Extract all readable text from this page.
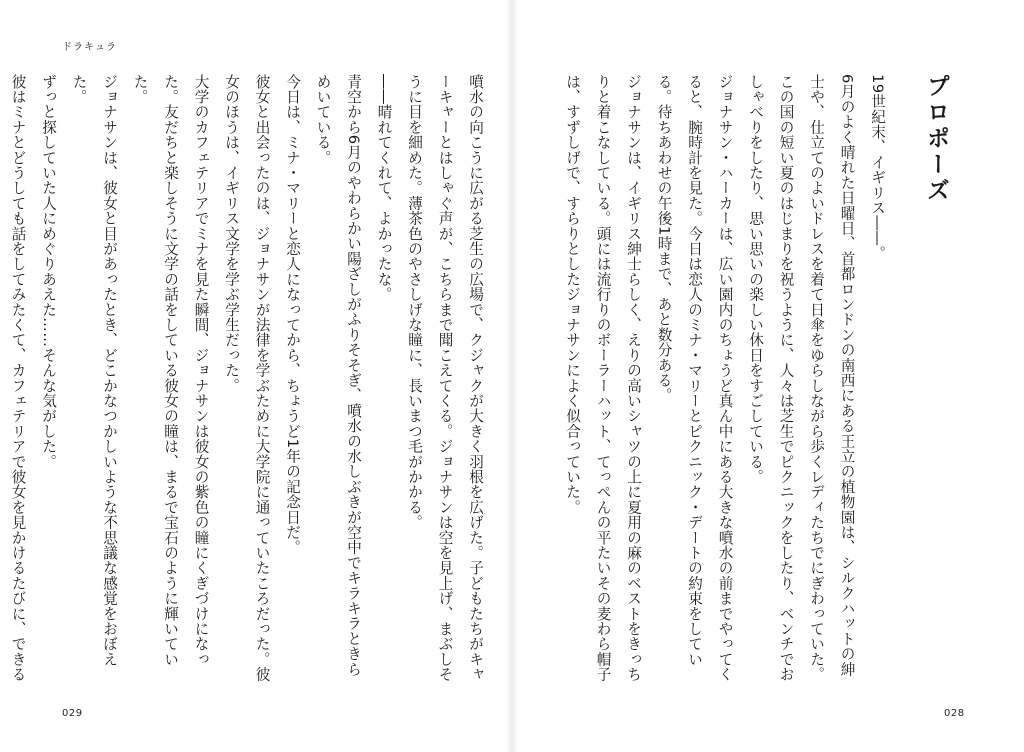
ドラキュラ
プロポーズ

19世紀末、イギリス――。

6月のよく晴れた日曜日、首都ロンドンの南西にある王立の植物園は、シルクハットの紳士や、仕立てのよいドレスを着て日傘をゆらしながら歩くレディたちでにぎわっていた。この国の短い夏のはじまりを祝うように、人々は芝生でピクニックをしたり、ベンチでおしゃべりをしたり、思い思いの楽しい休日をすごしている。

ジョナサン・ハーカーは、広い園内のちょうど真ん中にある大きな噴水の前までやってくると、腕時計を見た。今日は恋人のミナ・マリーとピクニック・デートの約束をしている。待ちあわせの午後1時まで、あと数分ある。

ジョナサンは、イギリス紳士らしく、えりの高いシャツの上に夏用の麻のベストをきっちりと着こなしている。頭には流行りのボーラーハット、てっぺんの平たいその麦わら帽子は、すずしげで、すらりとしたジョナサンによく似合っていた。

噴水の向こうに広がる芝生の広場で、クジャクが大きく羽根を広げた。子どもたちがキャーキャーとはしゃぐ声が、こちらまで聞こえてくる。ジョナサンは空を見上げ、まぶしそうに目を細めた。薄茶色のやさしげな瞳に、長いまつ毛がかかる。

――晴れてくれて、よかったな。

青空から6月のやわらかい陽ざしがふりそそぎ、噴水の水しぶきが空中でキラキラときらめいている。

今日は、ミナ・マリーと恋人になってから、ちょうど1年の記念日だ。

彼女と出会ったのは、ジョナサンが法律を学ぶために大学院に通っていたころだった。彼女のほうは、イギリス文学を学ぶ学生だった。

大学のカフェテリアでミナを見た瞬間、ジョナサンは彼女の紫色の瞳にくぎづけになった。友だちと楽しそうに文学の話をしている彼女の瞳は、まるで宝石のように輝いていた。

ジョナサンは、彼女と目があったとき、どこかなつかしいような不思議な感覚をおぼえた。

ずっと探していた人にめぐりあえた……そんな気がした。

彼はミナとどうしても話をしてみたくて、カフェテリアで彼女を見かけるたびに、できる

029	028
